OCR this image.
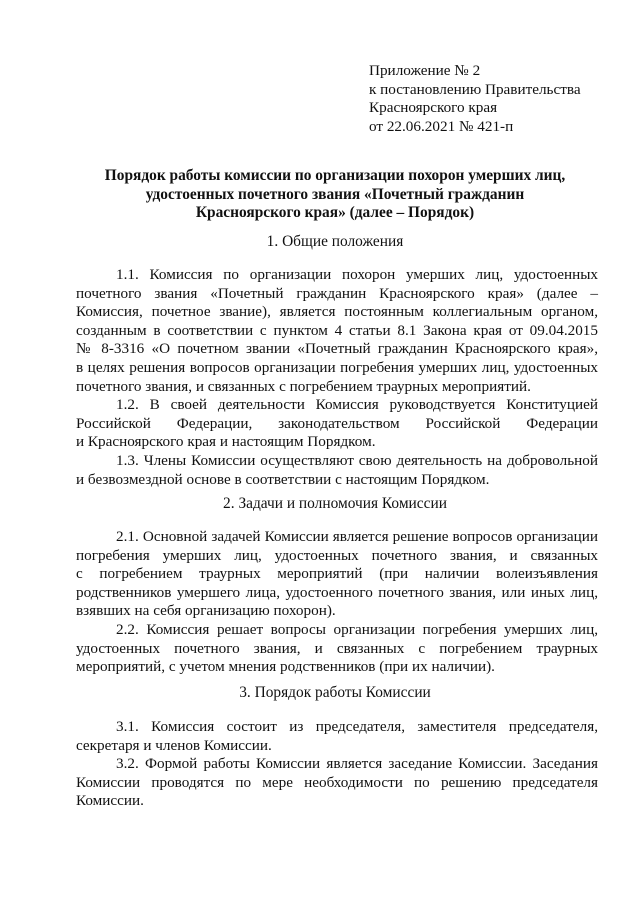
Приложение № 2
к постановлению Правительства
Красноярского края
от 22.06.2021 № 421-п
Порядок работы комиссии по организации похорон умерших лиц,
удостоенных почетного звания «Почетный гражданин
Красноярского края» (далее – Порядок)
1. Общие положения
1.1. Комиссия по организации похорон умерших лиц, удостоенных
почетного звания «Почетный гражданин Красноярского края» (далее –
Комиссия, почетное звание), является постоянным коллегиальным органом,
созданным в соответствии с пунктом 4 статьи 8.1 Закона края от 09.04.2015
№ 8-3316 «О почетном звании «Почетный гражданин Красноярского края»,
в целях решения вопросов организации погребения умерших лиц, удостоенных
почетного звания, и связанных с погребением траурных мероприятий.
1.2. В своей деятельности Комиссия руководствуется Конституцией
Российской Федерации, законодательством Российской Федерации
и Красноярского края и настоящим Порядком.
1.3. Члены Комиссии осуществляют свою деятельность на добровольной
и безвозмездной основе в соответствии с настоящим Порядком.
2. Задачи и полномочия Комиссии
2.1. Основной задачей Комиссии является решение вопросов организации
погребения умерших лиц, удостоенных почетного звания, и связанных
с погребением траурных мероприятий (при наличии волеизъявления
родственников умершего лица, удостоенного почетного звания, или иных лиц,
взявших на себя организацию похорон).
2.2. Комиссия решает вопросы организации погребения умерших лиц,
удостоенных почетного звания, и связанных с погребением траурных
мероприятий, с учетом мнения родственников (при их наличии).
3. Порядок работы Комиссии
3.1. Комиссия состоит из председателя, заместителя председателя,
секретаря и членов Комиссии.
3.2. Формой работы Комиссии является заседание Комиссии. Заседания
Комиссии проводятся по мере необходимости по решению председателя
Комиссии.
